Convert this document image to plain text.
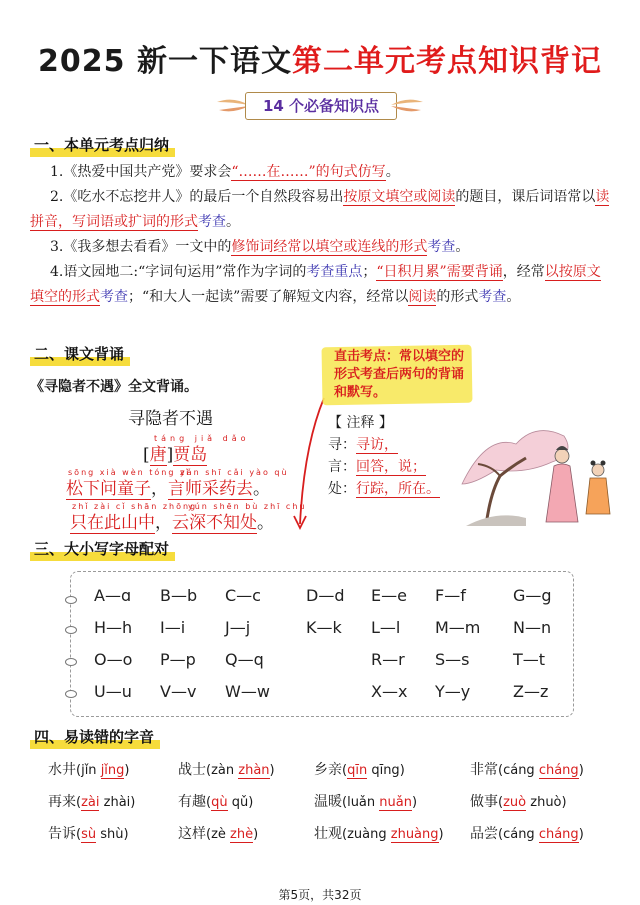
2025 新一下语文第二单元考点知识背记
14 个必备知识点
一、本单元考点归纳

1.《热爱中国共产党》要求会“……在……”的句式仿写。

2.《吃水不忘挖井人》的最后一个自然段容易出按原文填空或阅读的题目，课后词语常以读拼音，写词语或扩词的形式考查。

3.《我多想去看看》一文中的修饰词经常以填空或连线的形式考查。

4.语文园地二:“字词句运用”常作为字词的考查重点；“日积月累”需要背诵，经常以按原文填空的形式考查；“和大人一起读”需要了解短文内容，经常以阅读的形式考查。

二、课文背诵
《寻隐者不遇》全文背诵。
寻隐者不遇
táng jiǎ dǎo
[唐]贾岛
sōng xià wèn tóng zǐ
yán shī cǎi yào qù
松下问童子，言师采药去。
zhǐ zài cǐ shān zhōng
yún shēn bù zhī chù
只在此山中，云深不知处。
直击考点：常以填空的形式考查后两句的背诵和默写。
【 注释 】
寻：寻访，
言：回答，说；
处：行踪，所在。
三、大小写字母配对
A—ɑ B—b C—c	D—d E—e F—f	G—g
H—h I—i J—j	K—k L—l M—m N—n
O—o P—p Q—q	R—r S—s	T—t
U—u V—v W—w	X—x Y—y	Z—z
四、易读错的字音
水井(jǐn jǐng)	战士(zàn zhàn)	乡亲(qīn qīng)	非常(cáng cháng)
再来(zài zhài)	有趣(qù qǔ)	温暖(luǎn nuǎn)	做事(zuò zhuò)
告诉(sù shù)	这样(zè zhè)	壮观(zuàng zhuàng) 品尝(cáng cháng)
第5页，共32页
